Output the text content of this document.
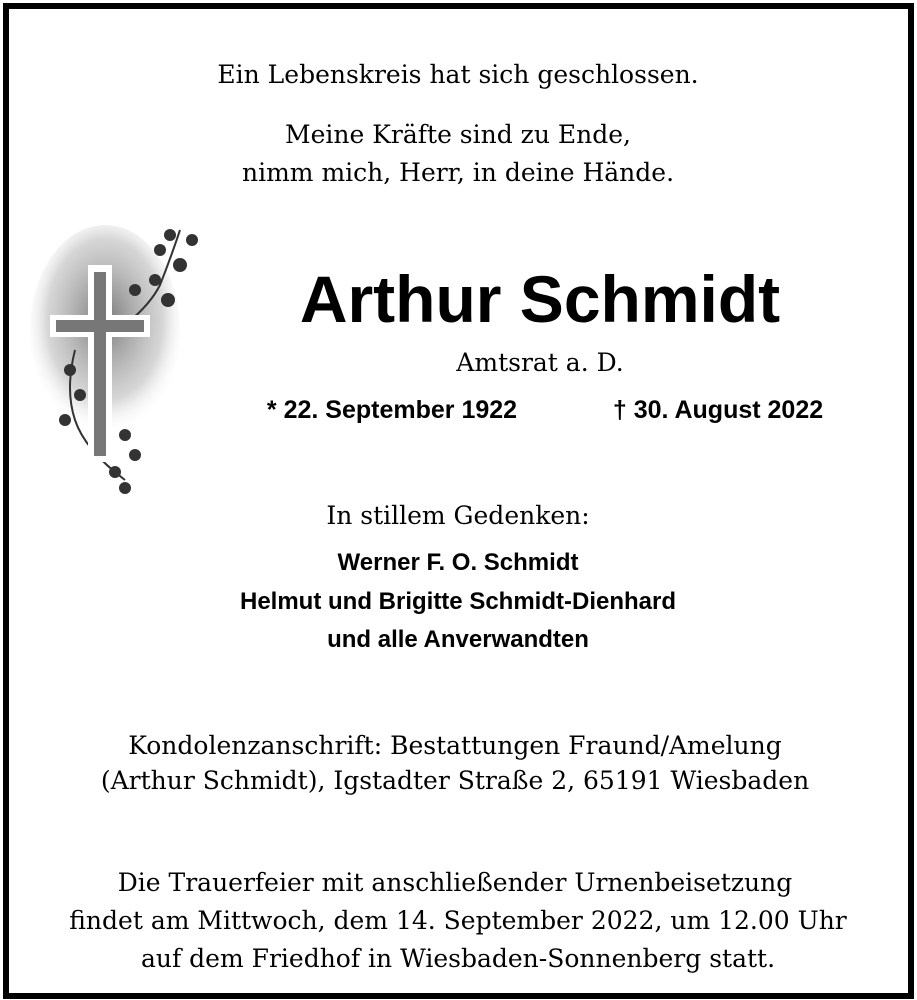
Ein Lebenskreis hat sich geschlossen.
Meine Kräfte sind zu Ende,
nimm mich, Herr, in deine Hände.
Arthur Schmidt
Amtsrat a. D.
* 22. September 1922	† 30. August 2022
In stillem Gedenken:
Werner F. O. Schmidt
Helmut und Brigitte Schmidt-Dienhard
und alle Anverwandten
Kondolenzanschrift: Bestattungen Fraund/Amelung
(Arthur Schmidt), Igstadter Straße 2, 65191 Wiesbaden
Die Trauerfeier mit anschließender Urnenbeisetzung
findet am Mittwoch, dem 14. September 2022, um 12.00 Uhr
auf dem Friedhof in Wiesbaden-Sonnenberg statt.
